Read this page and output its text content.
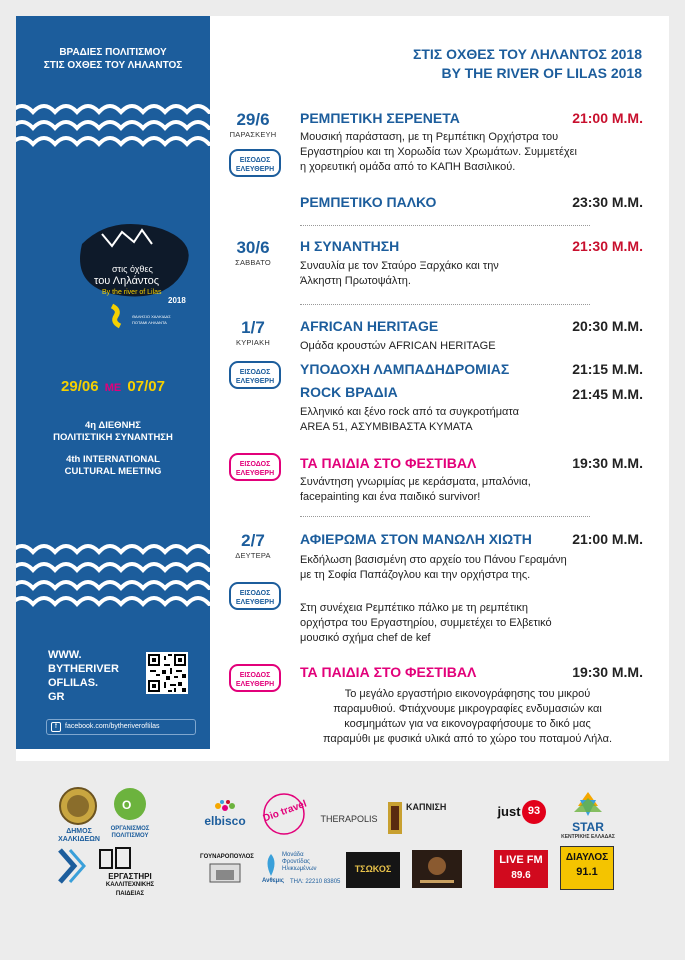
ΒΡΑΔΙΕΣ ΠΟΛΙΤΙΣΜΟΥ
ΣΤΙΣ ΟΧΘΕΣ ΤΟΥ ΛΗΛΑΝΤΟΣ
στις όχθες
του Ληλάντος
By the river of Lilas
2018
ΘΑΛΗΣΙΟ ΧΑΛΚΙΔΑΣ
ΠΟΤΑΜΙ ΛΗΛΑΝΤΑ
29/06 ΜΕ 07/07
4η ΔΙΕΘΝΗΣ
ΠΟΛΙΤΙΣΤΙΚΗ ΣΥΝΑΝΤΗΣΗ
4th INTERNATIONAL
CULTURAL MEETING
WWW.
BYTHERIVER
OFLILAS.
GR
f	facebook.com/bytheriverofIilas
ΣΤΙΣ ΟΧΘΕΣ ΤΟΥ ΛΗΛΑΝΤΟΣ 2018
BY THE RIVER OF LILAS 2018
29/6
ΠΑΡΑΣΚΕΥΗ
ΡΕΜΠΕΤΙΚΗ ΣΕΡΕΝΕΤΑ	21:00 Μ.Μ.
ΕΙΣΟΔΟΣ
ΕΛΕΥΘΕΡΗ
Μουσική παράσταση, με τη Ρεμπέτικη Ορχήστρα του
Εργαστηρίου και τη Χορωδία των Χρωμάτων. Συμμετέχει
η χορευτική ομάδα από το ΚΑΠΗ Βασιλικού.
ΡΕΜΠΕΤΙΚΟ ΠΑΛΚΟ	23:30 Μ.Μ.
30/6
ΣΑΒΒΑΤΟ
Η ΣΥΝΑΝΤΗΣΗ	21:30 Μ.Μ.
Συναυλία με τον Σταύρο Ξαρχάκο και την
Άλκηστη Πρωτοψάλτη.
1/7
ΚΥΡΙΑΚΗ
AFRICAN HERITAGE	20:30 Μ.Μ.
Ομάδα κρουστών AFRICAN HERITAGE
ΕΙΣΟΔΟΣ
ΕΛΕΥΘΕΡΗ
ΥΠΟΔΟΧΗ ΛΑΜΠΑΔΗΔΡΟΜΙΑΣ	21:15 Μ.Μ.
ROCK ΒΡΑΔΙΑ	21:45 Μ.Μ.
Ελληνικό και ξένο rock από τα συγκροτήματα
AREA 51, ΑΣΥΜΒΙΒΑΣΤΑ ΚΥΜΑΤΑ
ΕΙΣΟΔΟΣ
ΕΛΕΥΘΕΡΗ
ΤΑ ΠΑΙΔΙΑ ΣΤΟ ΦΕΣΤΙΒΑΛ	19:30 Μ.Μ.
Συνάντηση γνωριμίας με κεράσματα, μπαλόνια,
facepainting και ένα παιδικό survivor!
2/7
ΔΕΥΤΕΡΑ
ΑΦΙΕΡΩΜΑ ΣΤΟΝ ΜΑΝΩΛΗ ΧΙΩΤΗ	21:00 Μ.Μ.
Εκδήλωση βασισμένη στο αρχείο του Πάνου Γεραμάνη
με τη Σοφία Παπάζογλου και την ορχήστρα της.
ΕΙΣΟΔΟΣ
ΕΛΕΥΘΕΡΗ	Στη συνέχεια Ρεμπέτικο πάλκο με τη ρεμπέτικη
ορχήστρα του Εργαστηρίου, συμμετέχει το Ελβετικό
μουσικό σχήμα chef de kef
ΕΙΣΟΔΟΣ
ΕΛΕΥΘΕΡΗ
ΤΑ ΠΑΙΔΙΑ ΣΤΟ ΦΕΣΤΙΒΑΛ	19:30 Μ.Μ.
Το μεγάλο εργαστήριο εικονογράφησης του μικρού
παραμυθιού. Φτιάχνουμε μικρογραφίες ενδυμασιών και
κοσμημάτων για να εικονογραφήσουμε το δικό μας
παραμύθι με φυσικά υλικά από το χώρο του ποταμού Λήλα.
ΔΗΜΟΣ
ΧΑΛΚΙΔΕΩΝ
O
ΟΡΓΑΝΙΣΜΟΣ
ΠΟΛΙΤΙΣΜΟΥ
ΕΡΓΑΣΤΗΡΙ
ΚΑΛΛΙΤΕΧΝΙΚΗΣ
ΠΑΙΔΕΙΑΣ
elbisco	Dio travel THERAPOLIS
ΚΑΠΝΙΣΗ	just 93
STAR
ΚΕΝΤΡΙΚΗΣ ΕΛΛΑΔΑΣ
ΓΟΥΝΑΡΟΠΟΥΛΟΣ	Μονάδα
Φροντίδας
Ηλικιωμένων
Ανθεμις	ΤΗΛ: 22210 83805
ΤΣΩΚΟΣ
LIVE FM
89.6
ΔΙΑΥΛΟΣ
91.1
